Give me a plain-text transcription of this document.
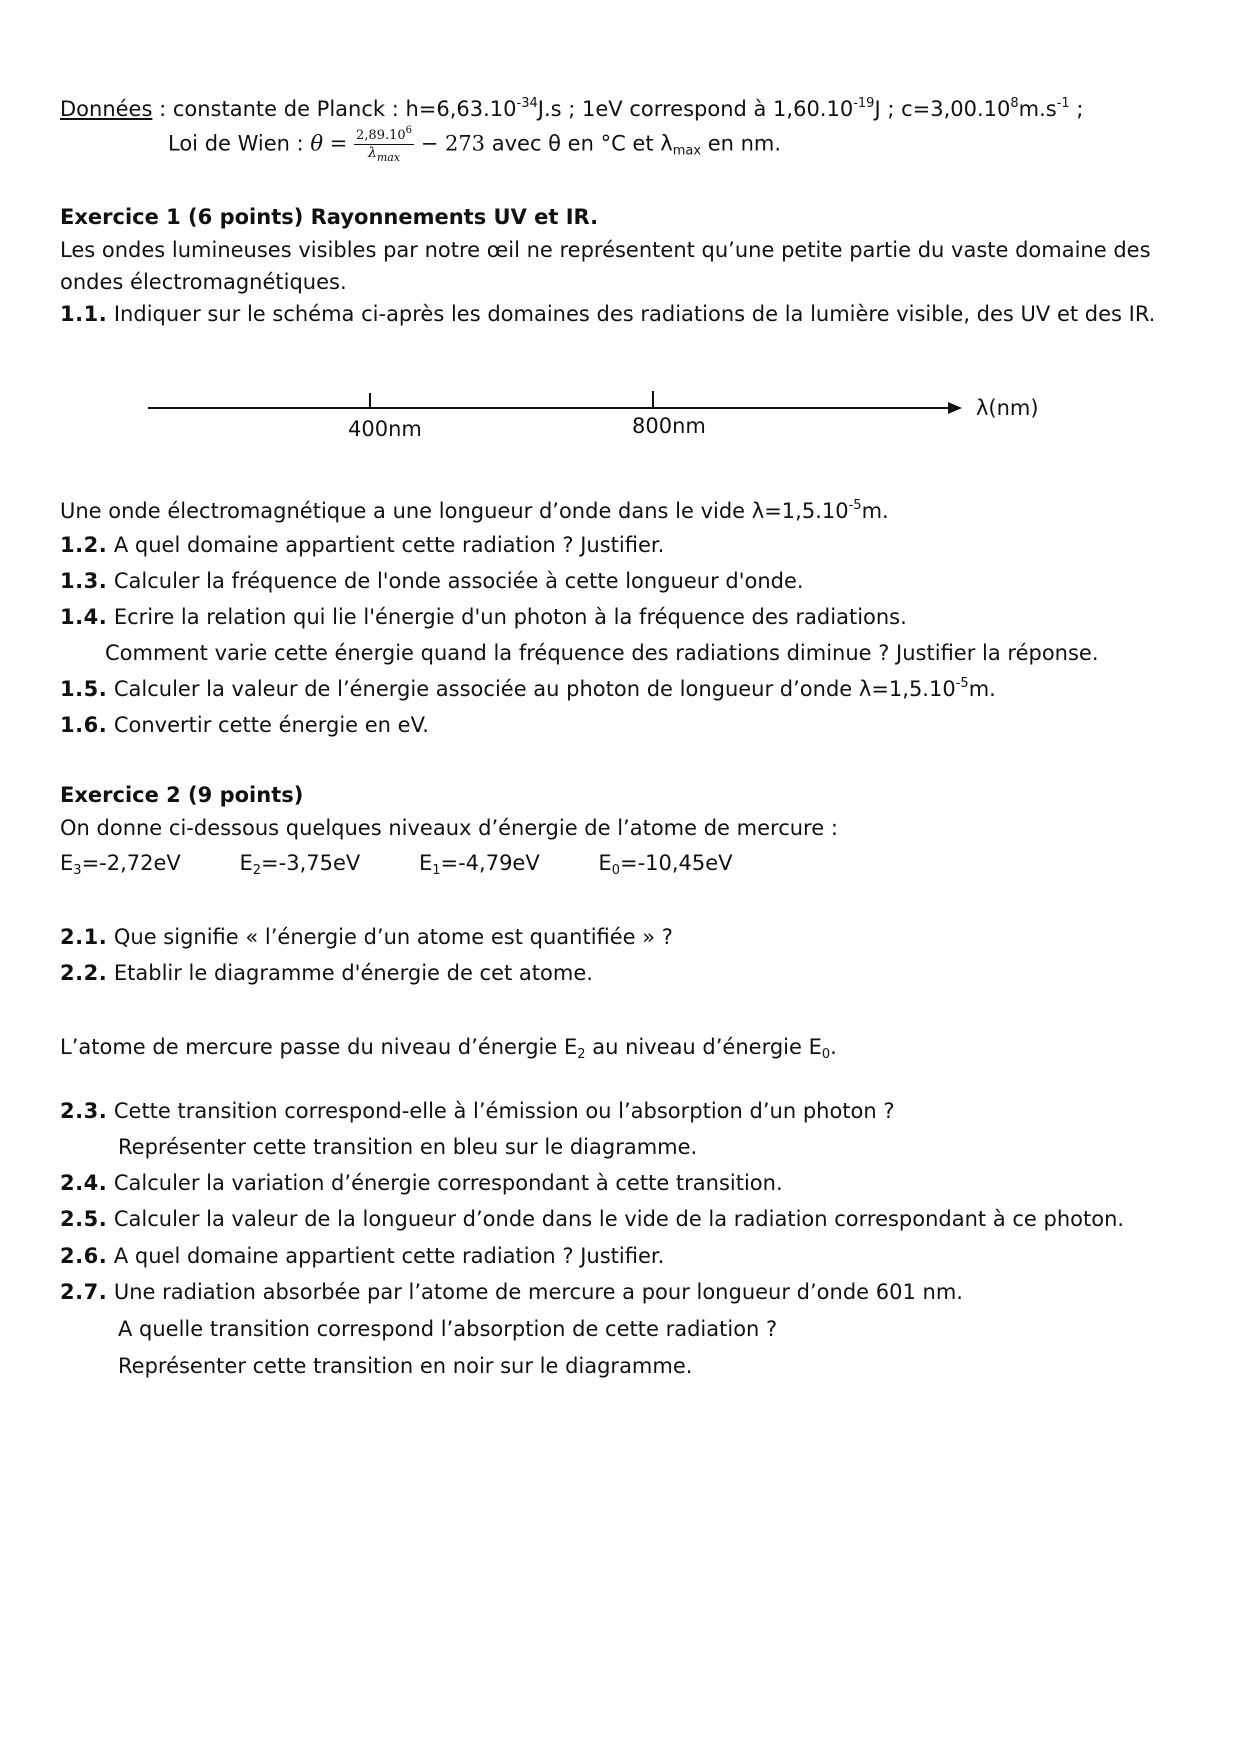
Données : constante de Planck : $h=6,63.10^{-34}J.s$ ; 1eV correspond à $1,60.10^{-19}J$ ; $c=3,00.10^8m.s^{-1}$ ;
Loi de Wien : $\theta = \frac{2,89.10^6}{\lambda_{max}} - 273$ avec θ en °C et $\lambda_{max}$ en nm.
Exercice 1 (6 points) Rayonnements UV et IR.
Les ondes lumineuses visibles par notre œil ne représentent qu’une petite partie du vaste domaine des
ondes électromagnétiques.
1.1. Indiquer sur le schéma ci-après les domaines des radiations de la lumière visible, des UV et des IR.
400nm	800nm
λ(nm)
Une onde électromagnétique a une longueur d’onde dans le vide $\lambda=1,5.10^{-5}m$.
1.2. A quel domaine appartient cette radiation ? Justifier.
1.3. Calculer la fréquence de l'onde associée à cette longueur d'onde.
1.4. Ecrire la relation qui lie l'énergie d'un photon à la fréquence des radiations.
Comment varie cette énergie quand la fréquence des radiations diminue ? Justifier la réponse.
1.5. Calculer la valeur de l’énergie associée au photon de longueur d’onde $\lambda=1,5.10^{-5}m$.
1.6. Convertir cette énergie en eV.
Exercice 2 (9 points)
On donne ci-dessous quelques niveaux d’énergie de l’atome de mercure :
$E_3=-2,72eV$	$E_2=-3,75eV$	$E_1=-4,79eV$	$E_0=-10,45eV$
2.1. Que signifie « l’énergie d’un atome est quantifiée » ?
2.2. Etablir le diagramme d'énergie de cet atome.
L’atome de mercure passe du niveau d’énergie $E_2$ au niveau d’énergie $E_0$.
2.3. Cette transition correspond-elle à l’émission ou l’absorption d’un photon ?
Représenter cette transition en bleu sur le diagramme.
2.4. Calculer la variation d’énergie correspondant à cette transition.
2.5. Calculer la valeur de la longueur d’onde dans le vide de la radiation correspondant à ce photon.
2.6. A quel domaine appartient cette radiation ? Justifier.
2.7. Une radiation absorbée par l’atome de mercure a pour longueur d’onde 601 nm.
A quelle transition correspond l’absorption de cette radiation ?
Représenter cette transition en noir sur le diagramme.
